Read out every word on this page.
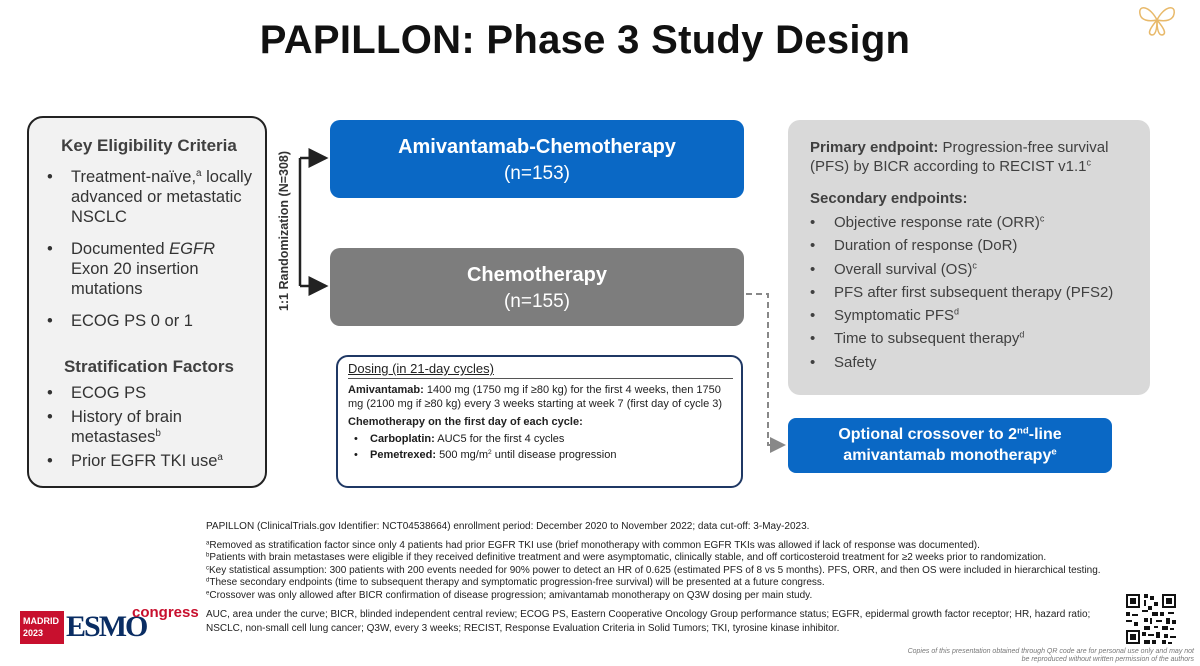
PAPILLON: Phase 3 Study Design
Key Eligibility Criteria
• Treatment-naïve,$^a$ locally advanced or metastatic NSCLC
• Documented EGFR Exon 20 insertion mutations
• ECOG PS 0 or 1
Stratification Factors
• ECOG PS
• History of brain metastases$^b$
• Prior EGFR TKI use$^a$
1:1 Randomization (N=308)
Amivantamab-Chemotherapy
(n=153)
Chemotherapy
(n=155)
Dosing (in 21-day cycles)

Amivantamab: 1400 mg (1750 mg if ≥80 kg) for the first 4 weeks, then 1750 mg (2100 mg if ≥80 kg) every 3 weeks starting at week 7 (first day of cycle 3)

Chemotherapy on the first day of each cycle:

• Carboplatin: AUC5 for the first 4 cycles
• Pemetrexed: 500 $mg/m^2$ until disease progression

Primary endpoint: Progression-free survival (PFS) by BICR according to RECIST v1.1$^c$

Secondary endpoints:
• Objective response rate (ORR)$^c$
• Duration of response (DoR)
• Overall survival (OS)$^c$
• PFS after first subsequent therapy (PFS2)
• Symptomatic PFS$^d$
• Time to subsequent therapy$^d$
• Safety
Optional crossover to 2nd-line
amivantamab monotherapy$^e$

PAPILLON (ClinicalTrials.gov Identifier: NCT04538664) enrollment period: December 2020 to November 2022; data cut-off: 3-May-2023.

$^a$Removed as stratification factor since only 4 patients had prior EGFR TKI use (brief monotherapy with common EGFR TKIs was allowed if lack of response was documented).

$^b$Patients with brain metastases were eligible if they received definitive treatment and were asymptomatic, clinically stable, and off corticosteroid treatment for ≥2 weeks prior to randomization.

$^c$Key statistical assumption: 300 patients with 200 events needed for 90% power to detect an HR of 0.625 (estimated PFS of 8 vs 5 months). PFS, ORR, and then OS were included in hierarchical testing.

$^d$These secondary endpoints (time to subsequent therapy and symptomatic progression-free survival) will be presented at a future congress.

$^e$Crossover was only allowed after BICR confirmation of disease progression; amivantamab monotherapy on Q3W dosing per main study.

AUC, area under the curve; BICR, blinded independent central review; ECOG PS, Eastern Cooperative Oncology Group performance status; EGFR, epidermal growth factor receptor; HR, hazard ratio; NSCLC, non-small cell lung cancer; Q3W, every 3 weeks; RECIST, Response Evaluation Criteria in Solid Tumors; TKI, tyrosine kinase inhibitor.

MADRID
2023 ESMO
congress
Copies of this presentation obtained through QR code are for personal use only and may not be reproduced without written permission of the authors
